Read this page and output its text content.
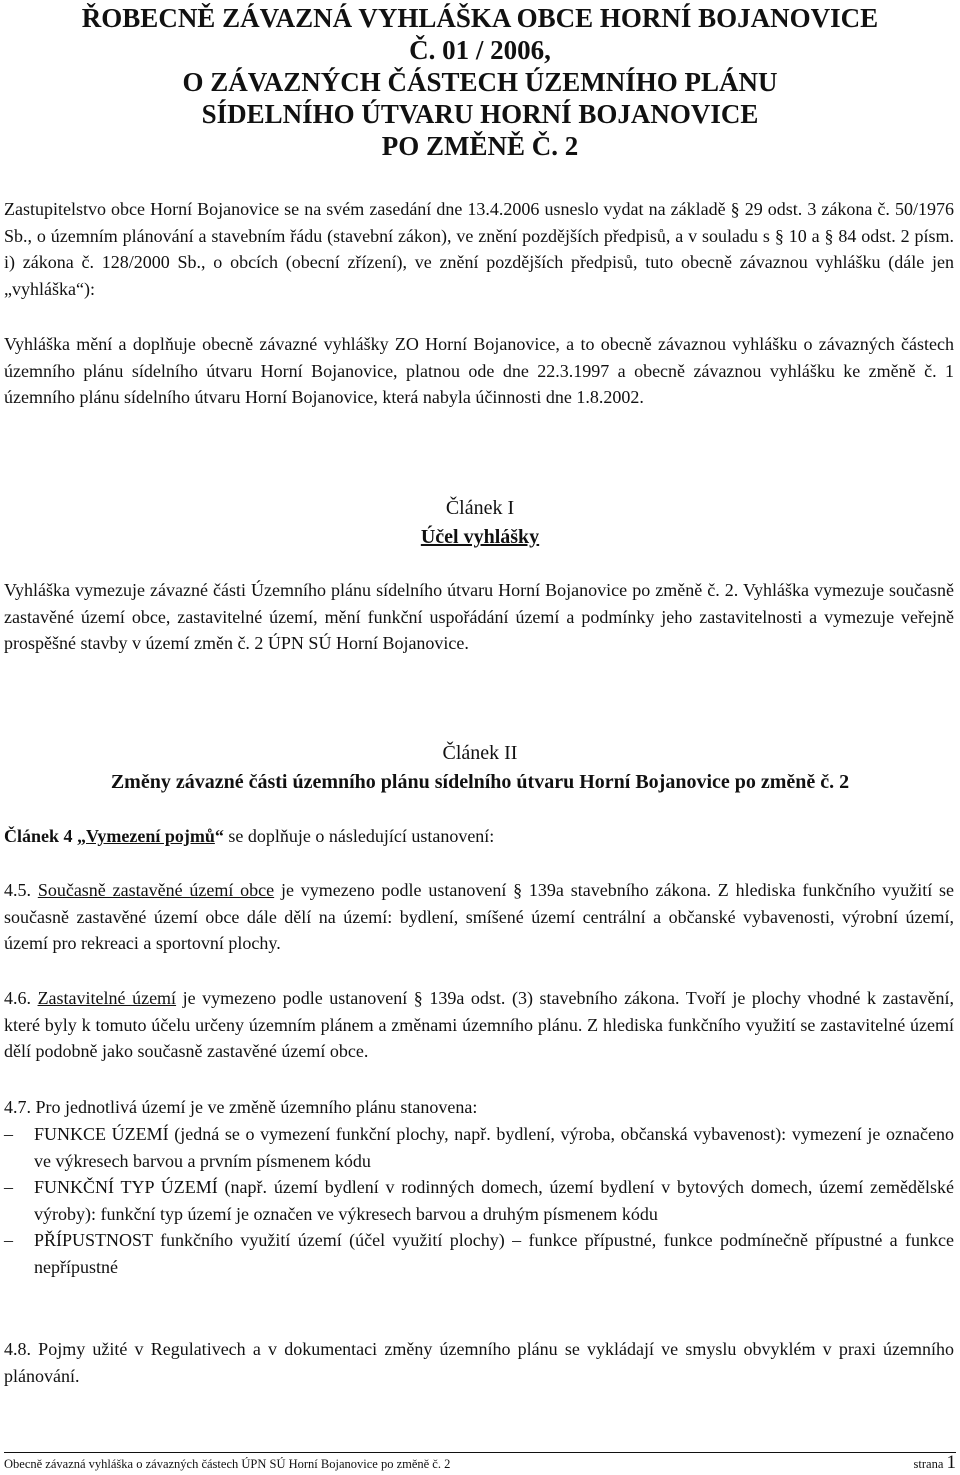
ŘOBECNĚ ZÁVAZNÁ VYHLÁŠKA OBCE HORNÍ BOJANOVICE
Č. 01 / 2006,
O ZÁVAZNÝCH ČÁSTECH ÚZEMNÍHO PLÁNU
SÍDELNÍHO ÚTVARU HORNÍ BOJANOVICE
PO ZMĚNĚ Č. 2

Zastupitelstvo obce Horní Bojanovice se na svém zasedání dne 13.4.2006 usneslo vydat na základě § 29 odst. 3 zákona č. 50/1976 Sb., o územním plánování a stavebním řádu (stavební zákon), ve znění pozdějších předpisů, a v souladu s § 10 a § 84 odst. 2 písm. i) zákona č. 128/2000 Sb., o obcích (obecní zřízení), ve znění pozdějších předpisů, tuto obecně závaznou vyhlášku (dále jen „vyhláška“):

Vyhláška mění a doplňuje obecně závazné vyhlášky ZO Horní Bojanovice, a to obecně závaznou vyhlášku o závazných částech územního plánu sídelního útvaru Horní Bojanovice, platnou ode dne 22.3.1997 a obecně závaznou vyhlášku ke změně č. 1 územního plánu sídelního útvaru Horní Bojanovice, která nabyla účinnosti dne 1.8.2002.

Článek I
Účel vyhlášky

Vyhláška vymezuje závazné části Územního plánu sídelního útvaru Horní Bojanovice po změně č. 2. Vyhláška vymezuje současně zastavěné území obce, zastavitelné území, mění funkční uspořádání území a podmínky jeho zastavitelnosti a vymezuje veřejně prospěšné stavby v území změn č. 2 ÚPN SÚ Horní Bojanovice.

Článek II
Změny závazné části územního plánu sídelního útvaru Horní Bojanovice po změně č. 2

Článek 4 „Vymezení pojmů“ se doplňuje o následující ustanovení:

4.5. Současně zastavěné území obce je vymezeno podle ustanovení § 139a stavebního zákona. Z hlediska funkčního využití se současně zastavěné území obce dále dělí na území: bydlení, smíšené území centrální a občanské vybavenosti, výrobní území, území pro rekreaci a sportovní plochy.

4.6. Zastavitelné území je vymezeno podle ustanovení § 139a odst. (3) stavebního zákona. Tvoří je plochy vhodné k zastavění, které byly k tomuto účelu určeny územním plánem a změnami územního plánu. Z hlediska funkčního využití se zastavitelné území dělí podobně jako současně zastavěné území obce.

4.7. Pro jednotlivá území je ve změně územního plánu stanovena:

– FUNKCE ÚZEMÍ (jedná se o vymezení funkční plochy, např. bydlení, výroba, občanská vybavenost): vymezení je označeno ve výkresech barvou a prvním písmenem kódu
– FUNKČNÍ TYP ÚZEMÍ (např. území bydlení v rodinných domech, území bydlení v bytových domech, území zemědělské výroby): funkční typ území je označen ve výkresech barvou a druhým písmenem kódu
– PŘÍPUSTNOST funkčního využití území (účel využití plochy) – funkce přípustné, funkce podmínečně přípustné a funkce nepřípustné

4.8. Pojmy užité v Regulativech a v dokumentaci změny územního plánu se vykládají ve smyslu obvyklém v praxi územního plánování.

Obecně závazná vyhláška o závazných částech ÚPN SÚ Horní Bojanovice po změně č. 2	strana 1
